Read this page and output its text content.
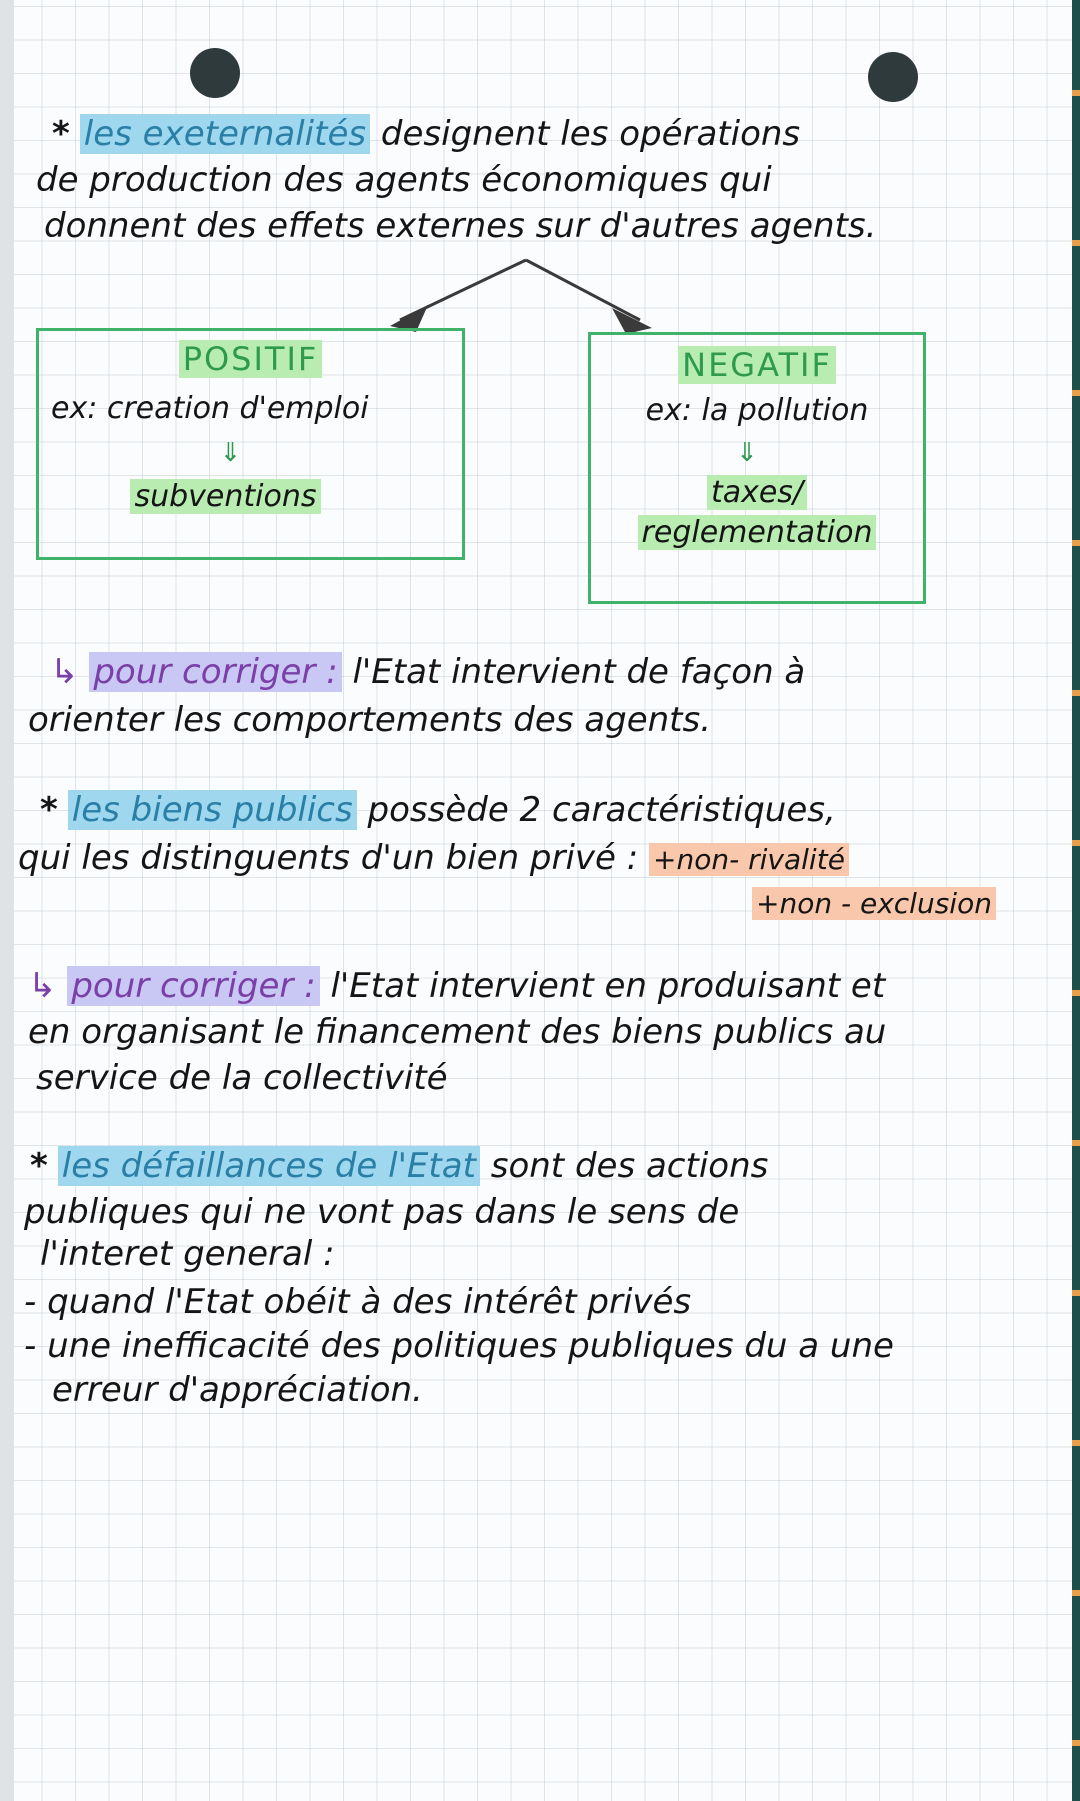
* les exeternalités designent les opérations
de production des agents économiques qui
donnent des effets externes sur d'autres agents.
POSITIF
ex: creation d'emploi
⇓
subventions
NEGATIF
ex: la pollution
⇓
taxes/
reglementation
↳ pour corriger : l'Etat intervient de façon à
orienter les comportements des agents.
* les biens publics possède 2 caractéristiques,
qui les distinguents d'un bien privé : +non- rivalité
+non - exclusion
↳ pour corriger : l'Etat intervient en produisant et
en organisant le financement des biens publics au
service de la collectivité
* les défaillances de l'Etat sont des actions
publiques qui ne vont pas dans le sens de
l'interet general :
- quand l'Etat obéit à des intérêt privés
- une inefficacité des politiques publiques du a une
erreur d'appréciation.
